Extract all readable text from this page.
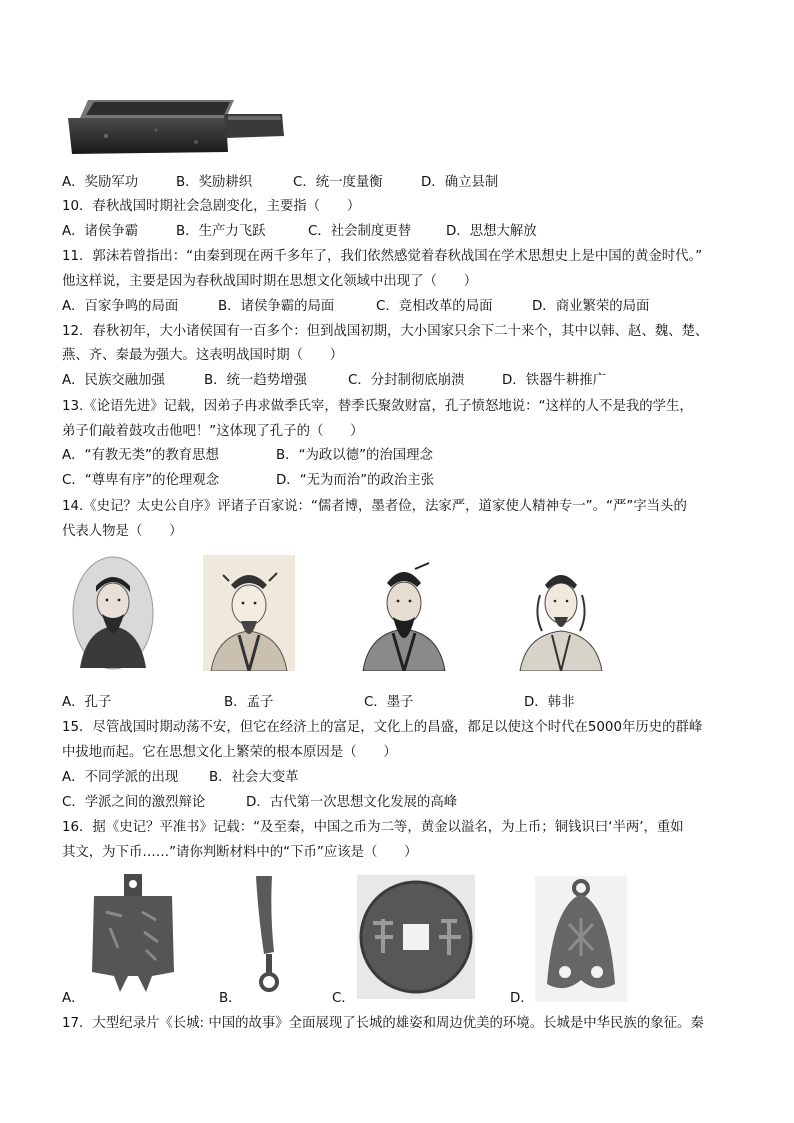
A．奖励军功	B．奖励耕织	C．统一度量衡	D．确立县制
10．春秋战国时期社会急剧变化，主要指（　　）
A．诸侯争霸	B．生产力飞跃	C．社会制度更替	D．思想大解放
11．郭沫若曾指出：“由秦到现在两千多年了，我们依然感觉着春秋战国在学术思想史上是中国的黄金时代。”
他这样说，主要是因为春秋战国时期在思想文化领域中出现了（　　）
A．百家争鸣的局面	B．诸侯争霸的局面	C．竞相改革的局面	D．商业繁荣的局面
12．春秋初年，大小诸侯国有一百多个：但到战国初期，大小国家只余下二十来个，其中以韩、赵、魏、楚、
燕、齐、秦最为强大。这表明战国时期（　　）
A．民族交融加强	B．统一趋势增强	C．分封制彻底崩溃	D．铁器牛耕推广
13.《论语先进》记载，因弟子冉求做季氏宰，替季氏聚敛财富，孔子愤怒地说：“这样的人不是我的学生，
弟子们敲着鼓攻击他吧！”这体现了孔子的（　　）
A．“有教无类”的教育思想	B．“为政以德”的治国理念
C．“尊卑有序”的伦理观念	D．“无为而治”的政治主张
14.《史记？太史公自序》评诸子百家说：“儒者博，墨者俭，法家严，道家使人精神专一”。“严”字当头的
代表人物是（　　）
A．孔子	B．孟子	C．墨子	D．韩非
15．尽管战国时期动荡不安，但它在经济上的富足，文化上的昌盛，都足以使这个时代在5000年历史的群峰
中拔地而起。它在思想文化上繁荣的根本原因是（　　）
A．不同学派的出现 B．社会大变革
C．学派之间的激烈辩论	D．古代第一次思想文化发展的高峰
16．据《史记？平准书》记载：“及至秦，中国之币为二等，黄金以溢名，为上币；铜钱识曰‘半两’，重如
其文，为下币……”请你判断材料中的“下币”应该是（　　）
A．	B．	C．	D．
17．大型纪录片《长城: 中国的故事》全面展现了长城的雄姿和周边优美的环境。长城是中华民族的象征。秦
